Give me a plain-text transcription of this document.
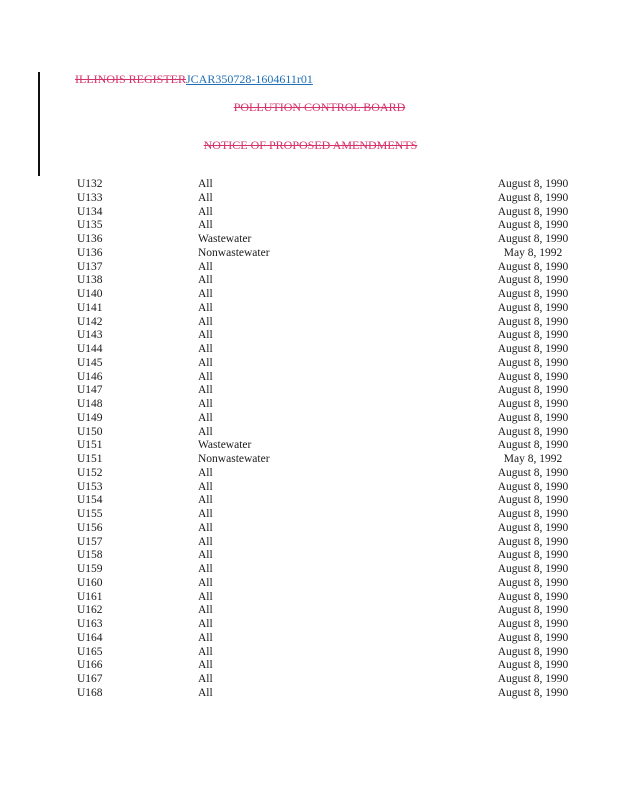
ILLINOIS REGISTERJCAR350728-1604611r01
POLLUTION CONTROL BOARD
NOTICE OF PROPOSED AMENDMENTS
U132	All	August 8, 1990
U133	All	August 8, 1990
U134	All	August 8, 1990
U135	All	August 8, 1990
U136	Wastewater	August 8, 1990
U136	Nonwastewater	May 8, 1992
U137	All	August 8, 1990
U138	All	August 8, 1990
U140	All	August 8, 1990
U141	All	August 8, 1990
U142	All	August 8, 1990
U143	All	August 8, 1990
U144	All	August 8, 1990
U145	All	August 8, 1990
U146	All	August 8, 1990
U147	All	August 8, 1990
U148	All	August 8, 1990
U149	All	August 8, 1990
U150	All	August 8, 1990
U151	Wastewater	August 8, 1990
U151	Nonwastewater	May 8, 1992
U152	All	August 8, 1990
U153	All	August 8, 1990
U154	All	August 8, 1990
U155	All	August 8, 1990
U156	All	August 8, 1990
U157	All	August 8, 1990
U158	All	August 8, 1990
U159	All	August 8, 1990
U160	All	August 8, 1990
U161	All	August 8, 1990
U162	All	August 8, 1990
U163	All	August 8, 1990
U164	All	August 8, 1990
U165	All	August 8, 1990
U166	All	August 8, 1990
U167	All	August 8, 1990
U168	All	August 8, 1990
